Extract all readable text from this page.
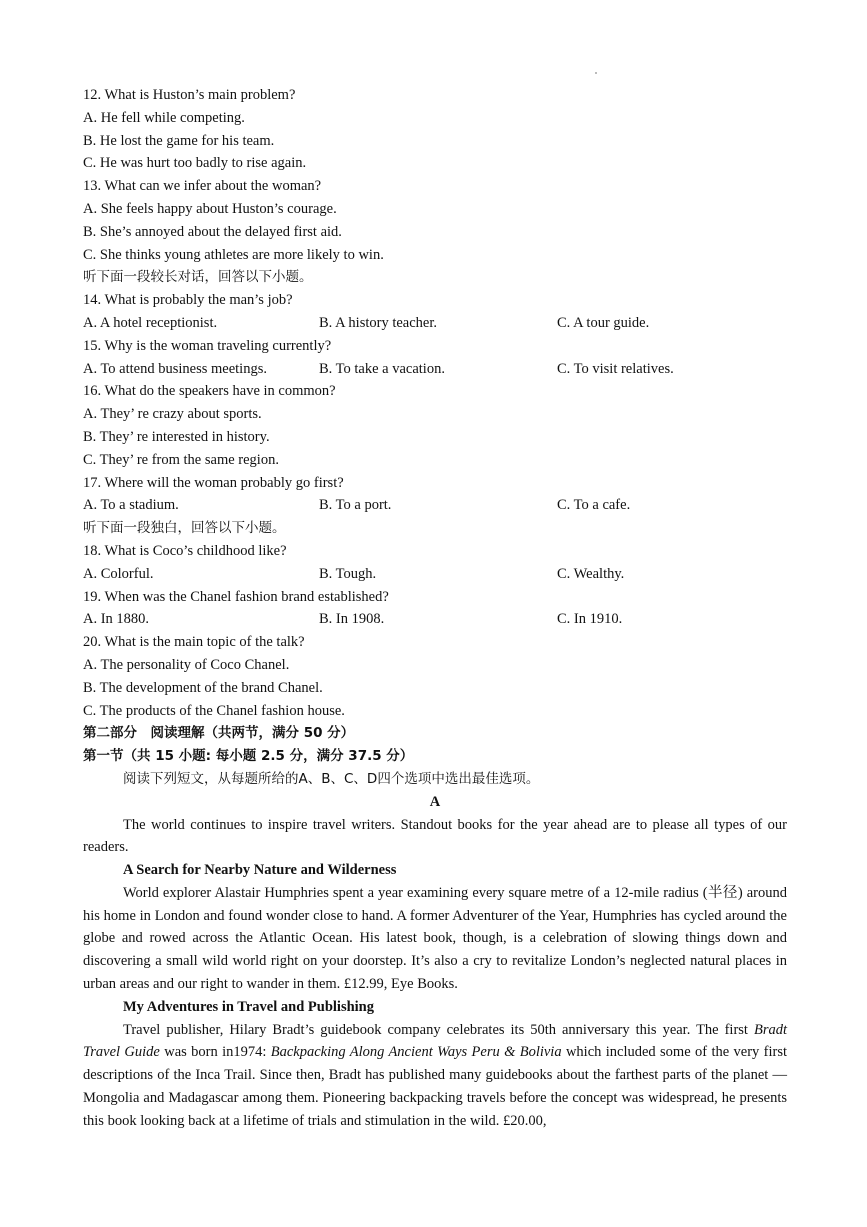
12. What is Huston’s main problem?
A. He fell while competing.
B. He lost the game for his team.
C. He was hurt too badly to rise again.
13. What can we infer about the woman?
A. She feels happy about Huston’s courage.
B. She’s annoyed about the delayed first aid.
C. She thinks young athletes are more likely to win.
听下面一段较长对话，回答以下小题。
14. What is probably the man’s job?
A. A hotel receptionist.	B. A history teacher.	C. A tour guide.
15. Why is the woman traveling currently?
A. To attend business meetings.	B. To take a vacation.	C. To visit relatives.
16. What do the speakers have in common?
A. They’ re crazy about sports.
B. They’ re interested in history.
C. They’ re from the same region.
17. Where will the woman probably go first?
A. To a stadium.	B. To a port.	C. To a cafe.
听下面一段独白，回答以下小题。
18. What is Coco’s childhood like?
A. Colorful.	B. Tough.	C. Wealthy.
19. When was the Chanel fashion brand established?
A. In 1880.	B. In 1908.	C. In 1910.
20. What is the main topic of the talk?
A. The personality of Coco Chanel.
B. The development of the brand Chanel.
C. The products of the Chanel fashion house.
第二部分　阅读理解（共两节，满分 50 分）
第一节（共 15 小题: 每小题 2.5 分，满分 37.5 分）
阅读下列短文，从每题所给的A、B、C、D四个选项中选出最佳选项。
A
The world continues to inspire travel writers. Standout books for the year ahead are to please all types of our readers.
A Search for Nearby Nature and Wilderness
World explorer Alastair Humphries spent a year examining every square metre of a 12-mile radius (半径) around his home in London and found wonder close to hand. A former Adventurer of the Year, Humphries has cycled around the globe and rowed across the Atlantic Ocean. His latest book, though, is a celebration of slowing things down and discovering a small wild world right on your doorstep. It’s also a cry to revitalize London’s neglected natural places in urban areas and our right to wander in them. £12.99, Eye Books.
My Adventures in Travel and Publishing
Travel publisher, Hilary Bradt’s guidebook company celebrates its 50th anniversary this year. The first Bradt Travel Guide was born in1974: Backpacking Along Ancient Ways Peru & Bolivia which included some of the very first descriptions of the Inca Trail. Since then, Bradt has published many guidebooks about the farthest parts of the planet — Mongolia and Madagascar among them. Pioneering backpacking travels before the concept was widespread, he presents this book looking back at a lifetime of trials and stimulation in the wild. £20.00,
